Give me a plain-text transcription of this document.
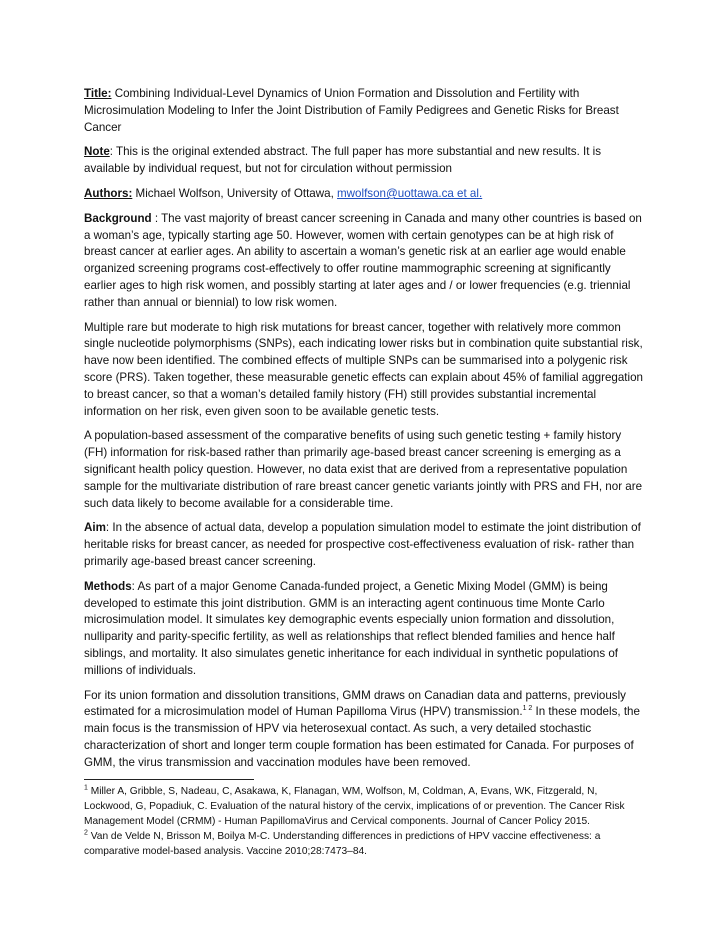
Title: Combining Individual-Level Dynamics of Union Formation and Dissolution and Fertility with Microsimulation Modeling to Infer the Joint Distribution of Family Pedigrees and Genetic Risks for Breast Cancer

Note: This is the original extended abstract. The full paper has more substantial and new results. It is available by individual request, but not for circulation without permission

Authors: Michael Wolfson, University of Ottawa, mwolfson@uottawa.ca et al.

Background : The vast majority of breast cancer screening in Canada and many other countries is based on a woman’s age, typically starting age 50. However, women with certain genotypes can be at high risk of breast cancer at earlier ages. An ability to ascertain a woman’s genetic risk at an earlier age would enable organized screening programs cost-effectively to offer routine mammographic screening at significantly earlier ages to high risk women, and possibly starting at later ages and / or lower frequencies (e.g. triennial rather than annual or biennial) to low risk women.

Multiple rare but moderate to high risk mutations for breast cancer, together with relatively more common single nucleotide polymorphisms (SNPs), each indicating lower risks but in combination quite substantial risk, have now been identified. The combined effects of multiple SNPs can be summarised into a polygenic risk score (PRS). Taken together, these measurable genetic effects can explain about 45% of familial aggregation to breast cancer, so that a woman’s detailed family history (FH) still provides substantial incremental information on her risk, even given soon to be available genetic tests.

A population-based assessment of the comparative benefits of using such genetic testing + family history (FH) information for risk-based rather than primarily age-based breast cancer screening is emerging as a significant health policy question. However, no data exist that are derived from a representative population sample for the multivariate distribution of rare breast cancer genetic variants jointly with PRS and FH, nor are such data likely to become available for a considerable time.

Aim: In the absence of actual data, develop a population simulation model to estimate the joint distribution of heritable risks for breast cancer, as needed for prospective cost-effectiveness evaluation of risk- rather than primarily age-based breast cancer screening.

Methods: As part of a major Genome Canada-funded project, a Genetic Mixing Model (GMM) is being developed to estimate this joint distribution. GMM is an interacting agent continuous time Monte Carlo microsimulation model. It simulates key demographic events especially union formation and dissolution, nulliparity and parity-specific fertility, as well as relationships that reflect blended families and hence half siblings, and mortality. It also simulates genetic inheritance for each individual in synthetic populations of millions of individuals.

For its union formation and dissolution transitions, GMM draws on Canadian data and patterns, previously estimated for a microsimulation model of Human Papilloma Virus (HPV) transmission.$^{1 2}$ In these models, the main focus is the transmission of HPV via heterosexual contact. As such, a very detailed stochastic characterization of short and longer term couple formation has been estimated for Canada. For purposes of GMM, the virus transmission and vaccination modules have been removed.

$^1$ Miller A, Gribble, S, Nadeau, C, Asakawa, K, Flanagan, WM, Wolfson, M, Coldman, A, Evans, WK, Fitzgerald, N, Lockwood, G, Popadiuk, C. Evaluation of the natural history of the cervix, implications of or prevention. The Cancer Risk Management Model (CRMM) - Human PapillomaVirus and Cervical components. Journal of Cancer Policy 2015.

$^2$ Van de Velde N, Brisson M, Boilya M-C. Understanding differences in predictions of HPV vaccine effectiveness: a comparative model-based analysis. Vaccine 2010;28:7473–84.
